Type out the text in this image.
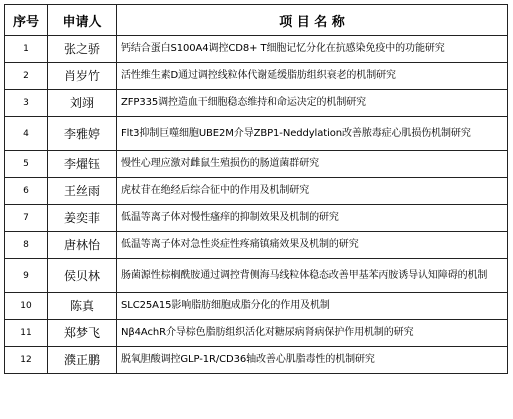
序号	申请人	项 目 名 称
1	张之骄	钙结合蛋白S100A4调控CD8+ T细胞记忆分化在抗感染免疫中的功能研究
2	肖岁竹	活性维生素D通过调控线粒体代谢延缓脂肪组织衰老的机制研究
3	刘翊	ZFP335调控造血干细胞稳态维持和命运决定的机制研究
4	李雅婷	Flt3抑制巨噬细胞UBE2M介导ZBP1-Neddylation改善脓毒症心肌损伤机制研究
5	李燿钰	慢性心理应激对雌鼠生殖损伤的肠道菌群研究
6	王丝雨	虎杖苷在绝经后综合征中的作用及机制研究
7	姜奕菲	低温等离子体对慢性瘙痒的抑制效果及机制的研究
8	唐林怡	低温等离子体对急性炎症性疼痛镇痛效果及机制的研究
9	侯贝林	肠菌源性棕榈酰胺通过调控背侧海马线粒体稳态改善甲基苯丙胺诱导认知障碍的机制
10	陈真	SLC25A15影响脂肪细胞成脂分化的作用及机制
11	郑梦飞	Nβ4AchR介导棕色脂肪组织活化对糖尿病肾病保护作用机制的研究
12	濮正鹏	脱氧胆酸调控GLP-1R/CD36轴改善心肌脂毒性的机制研究
